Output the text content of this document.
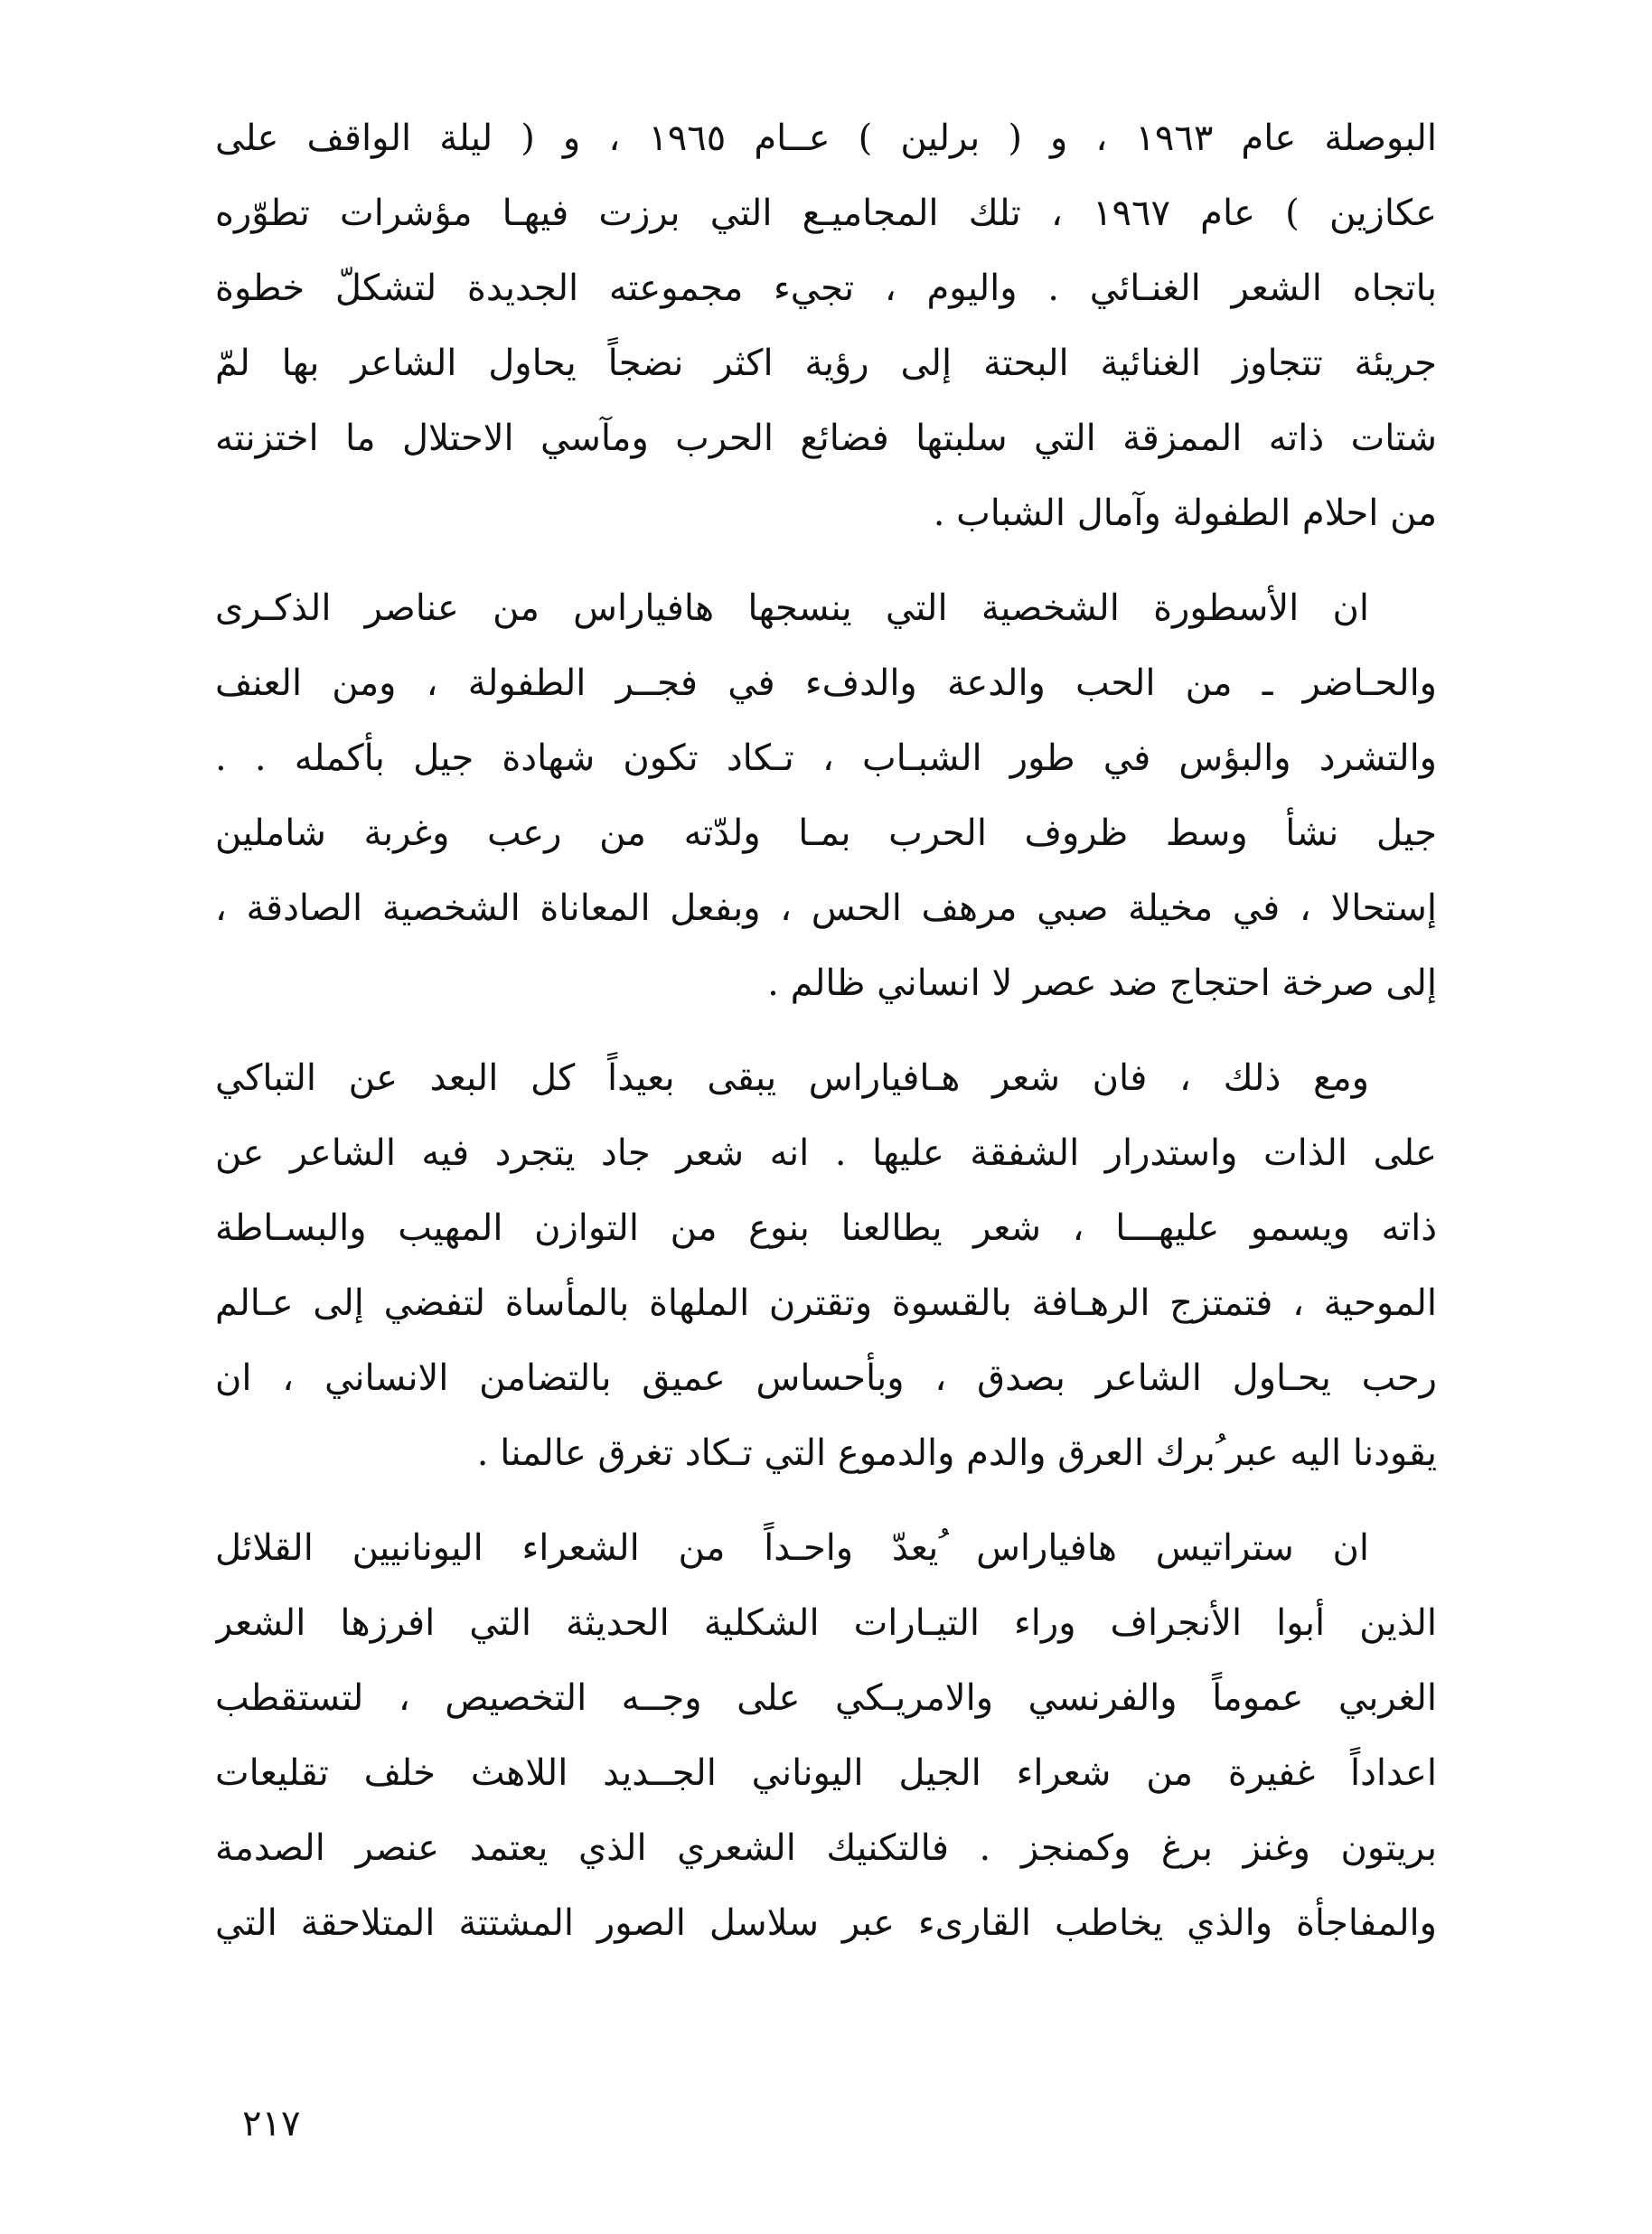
البوصلة عام ١٩٦٣ ، و ( برلين ) عــام ١٩٦٥ ، و ( ليلة الواقف على
عكازين ) عام ١٩٦٧ ، تلك المجاميـع التي برزت فيهـا مؤشرات تطوّره
باتجاه الشعر الغنـائي . واليوم ، تجيء مجموعته الجديدة لتشكلّ خطوة
جريئة تتجاوز الغنائية البحتة إلى رؤية اكثر نضجاً يحاول الشاعر بها لمّ
شتات ذاته الممزقة التي سلبتها فضائع الحرب ومآسي الاحتلال ما اختزنته
من احلام الطفولة وآمال الشباب .
ان الأسطورة الشخصية التي ينسجها هافياراس من عناصر الذكـرى
والحـاضر ـ من الحب والدعة والدفء في فجــر الطفولة ، ومن العنف
والتشرد والبؤس في طور الشبـاب ، تـكاد تكون شهادة جيل بأكمله . .
جيل نشأ وسط ظروف الحرب بمـا ولدّته من رعب وغربة شاملين
إستحالا ، في مخيلة صبي مرهف الحس ، وبفعل المعاناة الشخصية الصادقة ،
إلى صرخة احتجاج ضد عصر لا انساني ظالم .
ومع ذلك ، فان شعر هـافياراس يبقى بعيداً كل البعد عن التباكي
على الذات واستدرار الشفقة عليها . انه شعر جاد يتجرد فيه الشاعر عن
ذاته ويسمو عليهـــا ، شعر يطالعنا بنوع من التوازن المهيب والبسـاطة
الموحية ، فتمتزج الرهـافة بالقسوة وتقترن الملهاة بالمأساة لتفضي إلى عـالم
رحب يحـاول الشاعر بصدق ، وبأحساس عميق بالتضامن الانساني ، ان
يقودنا اليه عبر ُبرك العرق والدم والدموع التي تـكاد تغرق عالمنا .
ان ستراتيس هافياراس ُيعدّ واحـداً من الشعراء اليونانيين القلائل
الذين أبوا الأنجراف وراء التيـارات الشكلية الحديثة التي افرزها الشعر
الغربي عموماً والفرنسي والامريـكي على وجــه التخصيص ، لتستقطب
اعداداً غفيرة من شعراء الجيل اليوناني الجــديد اللاهث خلف تقليعات
بريتون وغنز برغ وكمنجز . فالتكنيك الشعري الذي يعتمد عنصر الصدمة
والمفاجأة والذي يخاطب القارىء عبر سلاسل الصور المشتتة المتلاحقة التي
٢١٧
